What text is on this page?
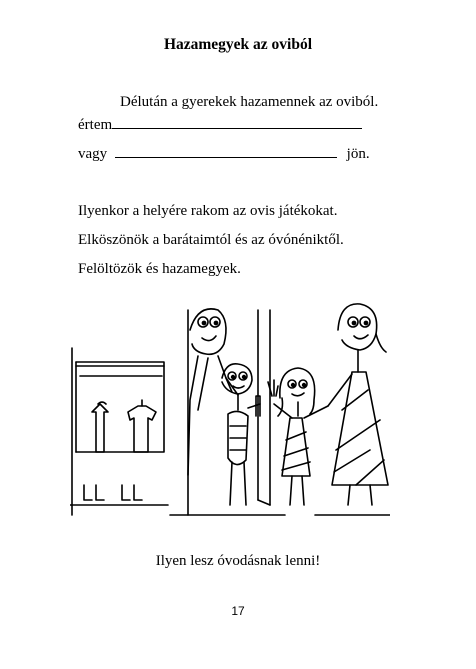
Hazamegyek az oviból
Délután a gyerekek hazamennek az oviból.
értem
vagy	jön.
Ilyenkor a helyére rakom az ovis játékokat.
Elköszönök a barátaimtól és az óvónéniktől.
Felöltözök és hazamegyek.
Ilyen lesz óvodásnak lenni!
17
